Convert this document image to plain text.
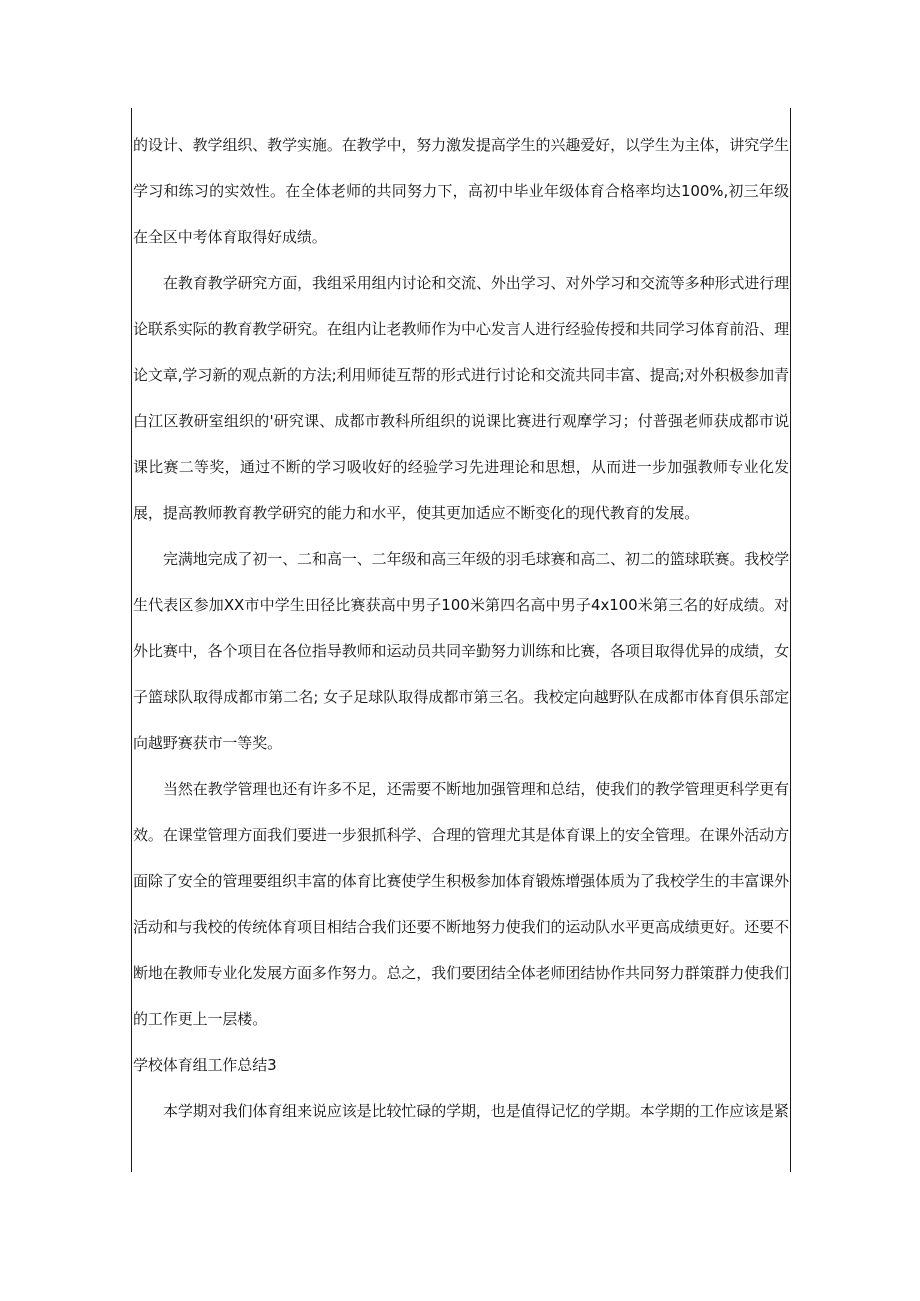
的设计、教学组织、教学实施。在教学中，努力激发提高学生的兴趣爱好，以学生为主体，讲究学生学习和练习的实效性。在全体老师的共同努力下，高初中毕业年级体育合格率均达100%,初三年级在全区中考体育取得好成绩。

在教育教学研究方面，我组采用组内讨论和交流、外出学习、对外学习和交流等多种形式进行理论联系实际的教育教学研究。在组内让老教师作为中心发言人进行经验传授和共同学习体育前沿、理论文章,学习新的观点新的方法;利用师徒互帮的形式进行讨论和交流共同丰富、提高;对外积极参加青白江区教研室组织的'研究课、成都市教科所组织的说课比赛进行观摩学习；付普强老师获成都市说课比赛二等奖，通过不断的学习吸收好的经验学习先进理论和思想，从而进一步加强教师专业化发展，提高教师教育教学研究的能力和水平，使其更加适应不断变化的现代教育的发展。

完满地完成了初一、二和高一、二年级和高三年级的羽毛球赛和高二、初二的篮球联赛。我校学生代表区参加XX市中学生田径比赛获高中男子100米第四名高中男子4x100米第三名的好成绩。对外比赛中，各个项目在各位指导教师和运动员共同辛勤努力训练和比赛，各项目取得优异的成绩，女子篮球队取得成都市第二名; 女子足球队取得成都市第三名。我校定向越野队在成都市体育俱乐部定向越野赛获市一等奖。

当然在教学管理也还有许多不足，还需要不断地加强管理和总结，使我们的教学管理更科学更有效。在课堂管理方面我们要进一步狠抓科学、合理的管理尤其是体育课上的安全管理。在课外活动方面除了安全的管理要组织丰富的体育比赛使学生积极参加体育锻炼增强体质为了我校学生的丰富课外活动和与我校的传统体育项目相结合我们还要不断地努力使我们的运动队水平更高成绩更好。还要不断地在教师专业化发展方面多作努力。总之，我们要团结全体老师团结协作共同努力群策群力使我们的工作更上一层楼。

学校体育组工作总结3

本学期对我们体育组来说应该是比较忙碌的学期，也是值得记忆的学期。本学期的工作应该是紧
